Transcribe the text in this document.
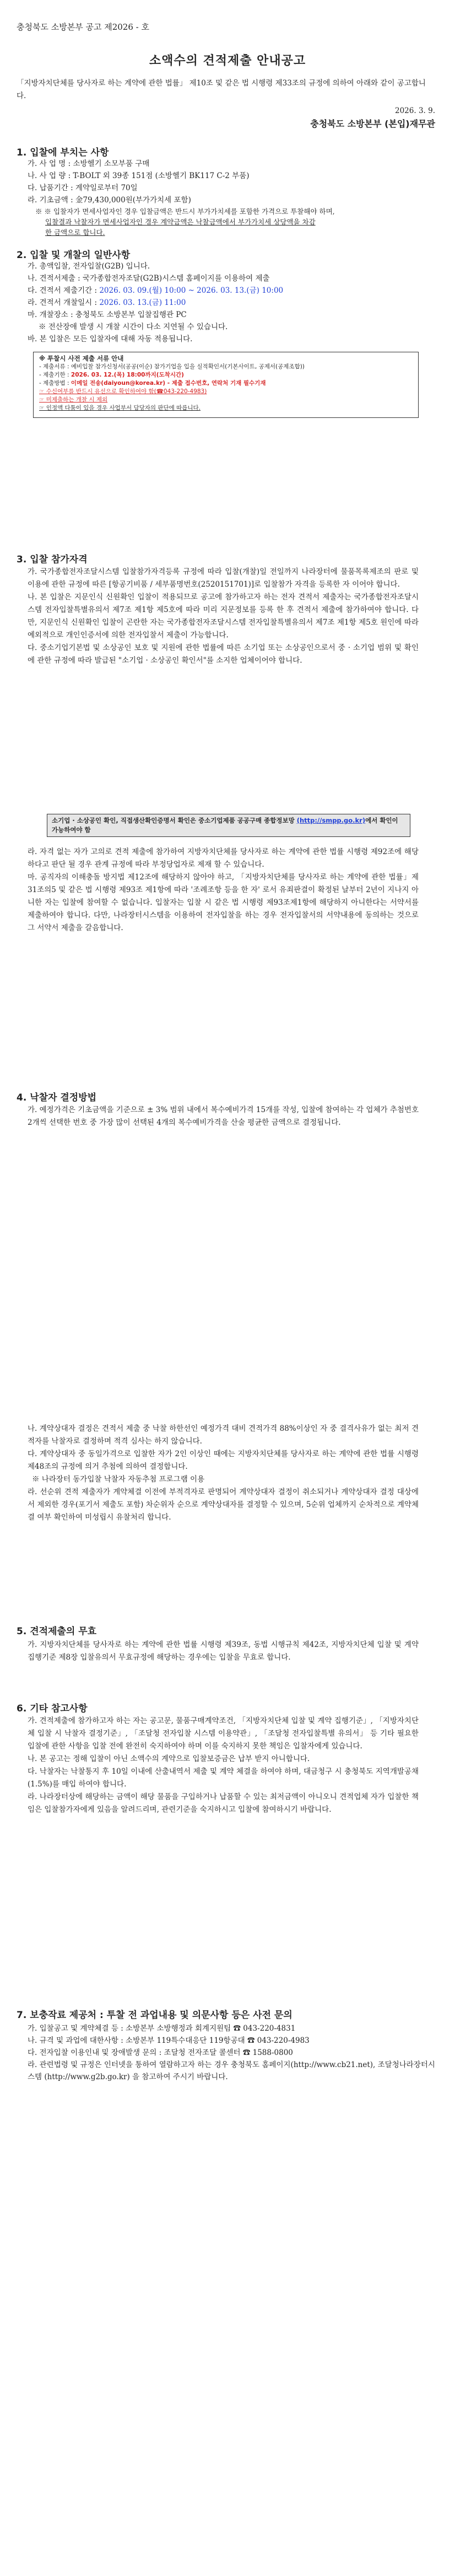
충청북도 소방본부 공고 제2026 - 호
소액수의 견적제출 안내공고
「지방자치단체를 당사자로 하는 계약에 관한 법률」 제10조 및 같은 법 시행령 제33조의 규정에 의하여 아래와 같이 공고합니다.
2026. 3. 9.
충청북도 소방본부 (본입)재무관
1. 입찰에 부치는 사항
가. 사 업 명 : 소방헬기 소모부품 구매
나. 사 업 량 : T-BOLT 외 39종 151점 (소방헬기 BK117 C-2 부품)
다. 납품기간 : 계약일로부터 70일
라. 기초금액 : 金79,430,000원(부가가치세 포함)
※ ※ 입찰자가 면세사업자인 경우 입찰금액은 반드시 부가가치세를 포함한 가격으로 투찰해야 하며,
입찰결과 낙찰자가 면세사업자인 경우 계약금액은 낙찰금액에서 부가가치세 상당액을 차감
한 금액으로 합니다.
2. 입찰 및 개찰의 일반사항
가. 총액입찰, 전자입찰(G2B) 입니다.
나. 견적서제출 : 국가종합전자조달(G2B)시스템 홈페이지를 이용하여 제출
다. 견적서 제출기간 : 2026. 03. 09.(월) 10:00 ~ 2026. 03. 13.(금) 10:00
라. 견적서 개찰일시 : 2026. 03. 13.(금) 11:00
마. 개찰장소 : 충청북도 소방본부 입찰집행관 PC
※ 전산장애 발생 시 개찰 시간이 다소 지연될 수 있습니다.
바. 본 입찰은 모든 입찰자에 대해 자동 적용됩니다.
※ 투찰시 사전 제출 서류 안내
- 제출서류 : 예비입찰 참가신청서(공공(이순) 참가기업을 입을 실적확인서(기본사이트, 공제서(공제조합))
- 제출기한 : 2026. 03. 12.(목) 18:00까지(도착시간)
- 제출방법 : 이메일 전송(daiyoun@korea.kr) - 제출 접수번호, 연락처 기재 필수기재
☞ 수신여부를 반드시 유선으로 확인하여야 함(☎043-220-4983)
☞ 미제출하는 개찰 시 제외
☞ 인정액 다툼이 있을 경우 사업부서 담당자의 판단에 따릅니다.
3. 입찰 참가자격
가. 국가종합전자조달시스템 입찰참가자격등록 규정에 따라 입찰(개찰)일 전일까지 나라장터에 물품목록제조의 판로 및 이용에 관한 규정에 따른 [항공기비품 / 세부품명번호(2520151701)]로 입찰참가 자격을 등록한 자 이어야 합니다.
나. 본 입찰은 지문인식 신원확인 입찰이 적용되므로 공고에 참가하고자 하는 전자 견적서 제출자는 국가종합전자조달시스템 전자입찰특별유의서 제7조 제1항 제5호에 따라 미리 지문정보를 등록 한 후 견적서 제출에 참가하여야 합니다. 다만, 지문인식 신원확인 입찰이 곤란한 자는 국가종합전자조달시스템 전자입찰특별유의서 제7조 제1항 제5호 원인에 따라 예외적으로 개인인증서에 의한 전자입찰서 제출이 가능합니다.
다. 중소기업기본법 및 소상공인 보호 및 지원에 관한 법률에 따른 소기업 또는 소상공인으로서 중 · 소기업 범위 및 확인에 관한 규정에 따라 발급된 "소기업 · 소상공인 확인서"를 소지한 업체이어야 합니다.
소기업 · 소상공인 확인, 직접생산확인증명서 확인은 중소기업제품 공공구매 종합정보망 (http://smpp.go.kr)에서 확인이 가능하여야 함
라. 자격 없는 자가 고의로 견적 제출에 참가하여 지방자치단체를 당사자로 하는 계약에 관한 법률 시행령 제92조에 해당하다고 판단 될 경우 관계 규정에 따라 부정당업자로 제재 할 수 있습니다.
마. 공직자의 이해충돌 방지법 제12조에 해당하지 않아야 하고, 「지방자치단체를 당사자로 하는 계약에 관한 법률」제31조의5 및 같은 법 시행령 제93조 제1항에 따라 '조례조항 등을 한 자' 로서 유죄판결이 확정된 날부터 2년이 지나지 아니한 자는 입찰에 참여할 수 없습니다. 입찰자는 입찰 시 같은 법 시행령 제93조제1항에 해당하지 아니한다는 서약서를 제출하여야 합니다. 다만, 나라장터시스템을 이용하여 전자입찰을 하는 경우 전자입찰서의 서약내용에 동의하는 것으로 그 서약서 제출을 갈음합니다.
4. 낙찰자 결정방법
가. 예정가격은 기초금액을 기준으로 ± 3% 범위 내에서 복수예비가격 15개를 작성, 입찰에 참여하는 각 업체가 추첨번호 2개씩 선택한 번호 중 가장 많이 선택된 4개의 복수예비가격을 산술 평균한 금액으로 결정됩니다.
나. 계약상대자 결정은 견적서 제출 중 낙찰 하한선인 예정가격 대비 견적가격 88%이상인 자 중 결격사유가 없는 최저 견적자를 낙찰자로 결정하며 적격 심사는 하지 않습니다.
다. 계약상대자 중 동일가격으로 입찰한 자가 2인 이상인 때에는 지방자치단체를 당사자로 하는 계약에 관한 법률 시행령 제48조의 규정에 의거 추첨에 의하여 결정합니다.
※ 나라장터 동가입찰 낙찰자 자동추첨 프로그램 이용
라. 선순위 견적 제출자가 계약체결 이전에 부적격자로 판명되어 계약상대자 결정이 취소되거나 계약상대자 결정 대상에서 제외한 경우(포기서 제출도 포함) 차순위자 순으로 계약상대자를 결정할 수 있으며, 5순위 업체까지 순차적으로 계약체결 여부 확인하여 미성립시 유찰처리 합니다.
5. 견적제출의 무효
가. 지방자치단체를 당사자로 하는 계약에 관한 법률 시행령 제39조, 동법 시행규칙 제42조, 지방자치단체 입찰 및 계약 집행기준 제8장 입찰유의서 무효규정에 해당하는 경우에는 입찰을 무효로 합니다.
6. 기타 참고사항
가. 견적제출에 참가하고자 하는 자는 공고문, 물품구매계약조건, 「지방자치단체 입찰 및 계약 집행기준」, 「지방자치단체 입찰 시 낙찰자 결정기준」, 「조달청 전자입찰 시스템 이용약관」, 「조달청 전자입찰특별 유의서」 등 기타 필요한 입찰에 관한 사항을 입찰 전에 완전히 숙지하여야 하며 이를 숙지하지 못한 책임은 입찰자에게 있습니다.
나. 본 공고는 정해 입찰이 아닌 소액수의 계약으로 입찰보증금은 납부 받지 아니합니다.
다. 낙찰자는 낙찰통지 후 10일 이내에 산출내역서 제출 및 계약 체결을 하여야 하며, 대금청구 시 충청북도 지역개발공채(1.5%)를 매입 하여야 합니다.
라. 나라장터상에 해당하는 금액이 해당 물품을 구입하거나 납품할 수 있는 최저금액이 아니오니 견적업체 자가 입찰한 책임은 입찰참가자에게 있음을 알려드리며, 관련기준을 숙지하시고 입찰에 참여하시기 바랍니다.
7. 보충작료 제공처 : 투찰 전 과업내용 및 의문사항 등은 사전 문의
가. 입찰공고 및 계약체결 등 : 소방본부 소방행정과 회계지원팀 ☎ 043-220-4831
나. 규격 및 과업에 대한사항 : 소방본부 119특수대응단 119항공대 ☎ 043-220-4983
다. 전자입찰 이용인내 및 장애발생 문의 : 조달청 전자조달 콜센터 ☎ 1588-0800
라. 관련법령 및 규정은 인터넷을 통하여 열람하고자 하는 경우 충청북도 홈페이지(http://www.cb21.net), 조달청나라장터시스템 (http://www.g2b.go.kr) 을 참고하여 주시기 바랍니다.
